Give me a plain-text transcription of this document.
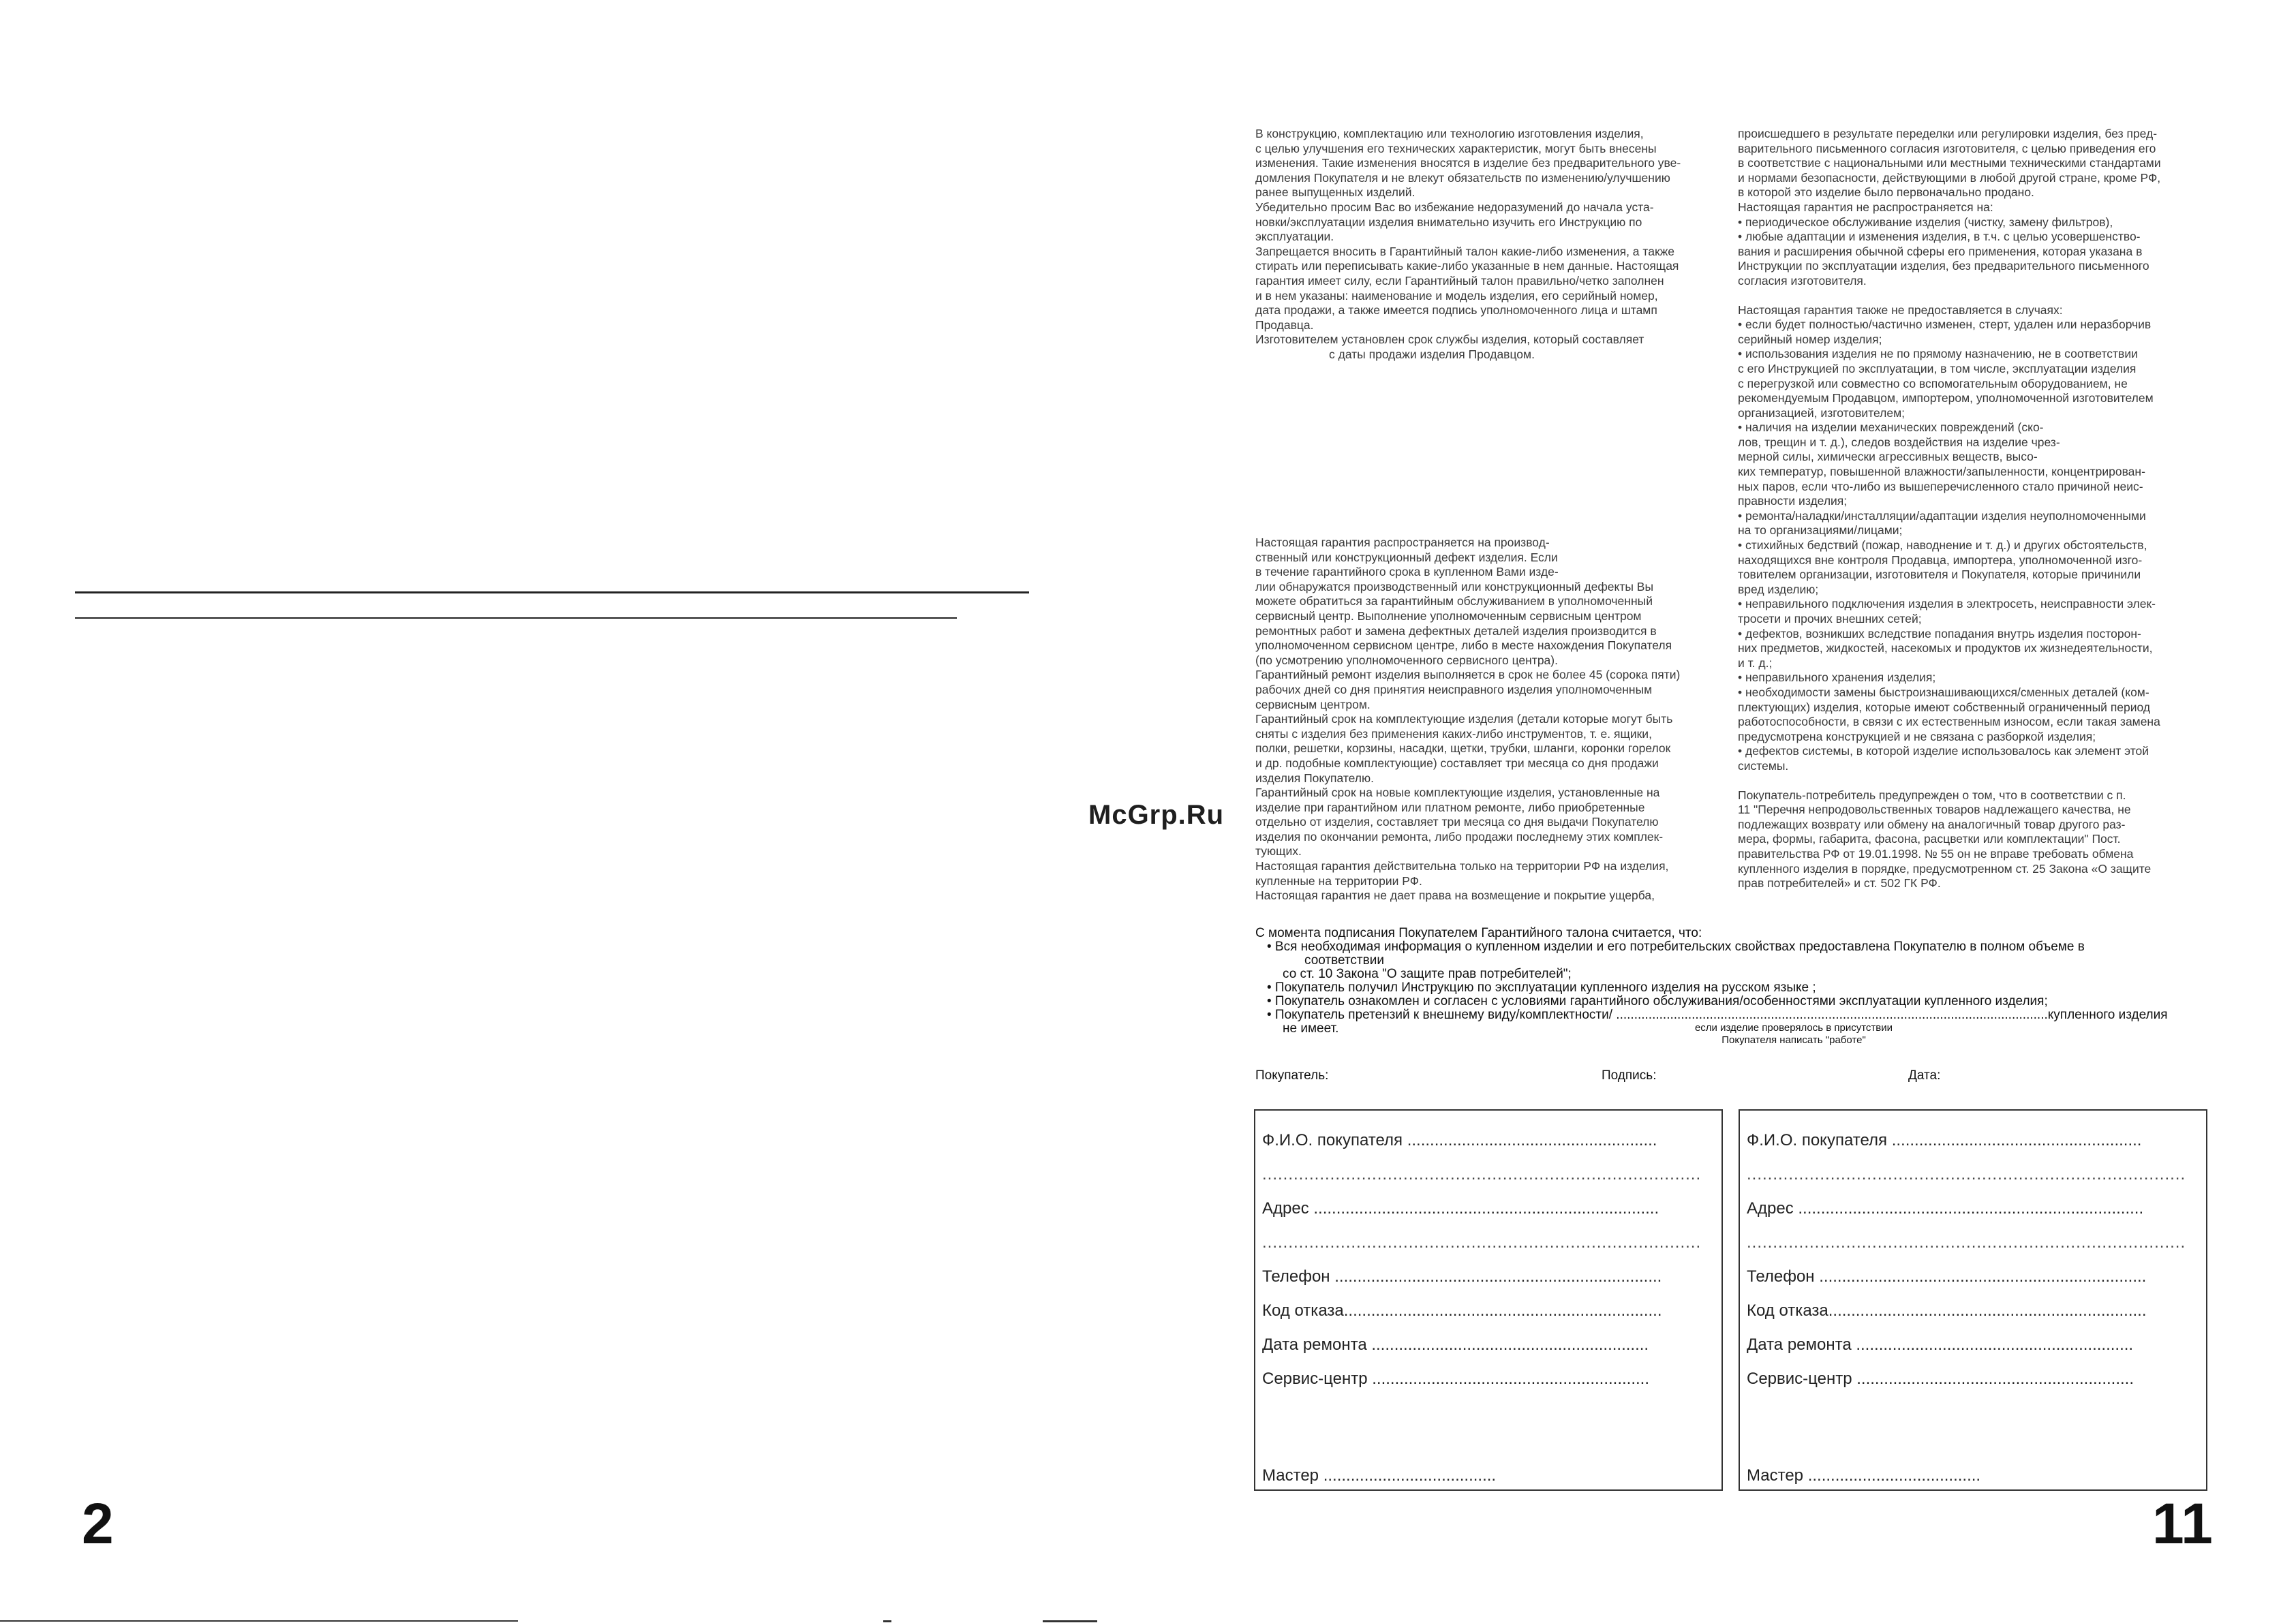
2
McGrp.Ru

В конструкцию, комплектацию или технологию изготовления изделия,

с целью улучшения его технических характеристик, могут быть внесены

изменения. Такие изменения вносятся в изделие без предварительного уве-

домления Покупателя и не влекут обязательств по изменению/улучшению

ранее выпущенных изделий.

Убедительно просим Вас во избежание недоразумений до начала уста-

новки/эксплуатации изделия внимательно изучить его Инструкцию по

эксплуатации.

Запрещается вносить в Гарантийный талон какие-либо изменения, а также

стирать или переписывать какие-либо указанные в нем данные. Настоящая

гарантия имеет силу, если Гарантийный талон правильно/четко заполнен

и в нем указаны: наименование и модель изделия, его серийный номер,

дата продажи, а также имеется подпись уполномоченного лица и штамп

Продавца.

Изготовителем установлен срок службы изделия, который составляет

с даты продажи изделия Продавцом.

Настоящая гарантия распространяется на производ-

ственный или конструкционный дефект изделия. Если

в течение гарантийного срока в купленном Вами изде-

лии обнаружатся производственный или конструкционный дефекты Вы

можете обратиться за гарантийным обслуживанием в уполномоченный

сервисный центр. Выполнение уполномоченным сервисным центром

ремонтных работ и замена дефектных деталей изделия производится в

уполномоченном сервисном центре, либо в месте нахождения Покупателя

(по усмотрению уполномоченного сервисного центра).

Гарантийный ремонт изделия выполняется в срок не более 45 (сорока пяти)

рабочих дней со дня принятия неисправного изделия уполномоченным

сервисным центром.

Гарантийный срок на комплектующие изделия (детали которые могут быть

сняты с изделия без применения каких-либо инструментов, т. е. ящики,

полки, решетки, корзины, насадки, щетки, трубки, шланги, коронки горелок

и др. подобные комплектующие) составляет три месяца со дня продажи

изделия Покупателю.

Гарантийный срок на новые комплектующие изделия, установленные на

изделие при гарантийном или платном ремонте, либо приобретенные

отдельно от изделия, составляет три месяца со дня выдачи Покупателю

изделия по окончании ремонта, либо продажи последнему этих комплек-

тующих.

Настоящая гарантия действительна только на территории РФ на изделия,

купленные на территории РФ.

Настоящая гарантия не дает права на возмещение и покрытие ущерба,

происшедшего в результате переделки или регулировки изделия, без пред-

варительного письменного согласия изготовителя, с целью приведения его

в соответствие с национальными или местными техническими стандартами

и нормами безопасности, действующими в любой другой стране, кроме РФ,

в которой это изделие было первоначально продано.

Настоящая гарантия не распространяется на:

• периодическое обслуживание изделия (чистку, замену фильтров),

• любые адаптации и изменения изделия, в т.ч. с целью усовершенство-

вания и расширения обычной сферы его применения, которая указана в

Инструкции по эксплуатации изделия, без предварительного письменного

согласия изготовителя.

Настоящая гарантия также не предоставляется в случаях:

• если будет полностью/частично изменен, стерт, удален или неразборчив

серийный номер изделия;

• использования изделия не по прямому назначению, не в соответствии

с его Инструкцией по эксплуатации, в том числе, эксплуатации изделия

с перегрузкой или совместно со вспомогательным оборудованием, не

рекомендуемым Продавцом, импортером, уполномоченной изготовителем

организацией, изготовителем;

• наличия на изделии механических повреждений (ско-

лов, трещин и т. д.), следов воздействия на изделие чрез-

мерной силы, химически агрессивных веществ, высо-

ких температур, повышенной влажности/запыленности, концентрирован-

ных паров, если что-либо из вышеперечисленного стало причиной неис-

правности изделия;

• ремонта/наладки/инсталляции/адаптации изделия неуполномоченными

на то организациями/лицами;

• стихийных бедствий (пожар, наводнение и т. д.) и других обстоятельств,

находящихся вне контроля Продавца, импортера, уполномоченной изго-

товителем организации, изготовителя и Покупателя, которые причинили

вред изделию;

• неправильного подключения изделия в электросеть, неисправности элек-

тросети и прочих внешних сетей;

• дефектов, возникших вследствие попадания внутрь изделия посторон-

них предметов, жидкостей, насекомых и продуктов их жизнедеятельности,

и т. д.;

• неправильного хранения изделия;

• необходимости замены быстроизнашивающихся/сменных деталей (ком-

плектующих) изделия, которые имеют собственный ограниченный период

работоспособности, в связи с их естественным износом, если такая замена

предусмотрена конструкцией и не связана с разборкой изделия;

• дефектов системы, в которой изделие использовалось как элемент этой

системы.

Покупатель-потребитель предупрежден о том, что в соответствии с п.

11 "Перечня непродовольственных товаров надлежащего качества, не

подлежащих возврату или обмену на аналогичный товар другого раз-

мера, формы, габарита, фасона, расцветки или комплектации" Пост.

правительства РФ от 19.01.1998. № 55 он не вправе требовать обмена

купленного изделия в порядке, предусмотренном ст. 25 Закона «О защите

прав потребителей» и ст. 502 ГК РФ.

С момента подписания Покупателем Гарантийного талона считается, что:

• Вся необходимая информация о купленном изделии и его потребительских свойствах предоставлена Покупателю в полном объеме в

соответствии

со ст. 10 Закона "О защите прав потребителей";

• Покупатель получил Инструкцию по эксплуатации купленного изделия на русском языке ;

• Покупатель ознакомлен и согласен с условиями гарантийного обслуживания/особенностями эксплуатации купленного изделия;

• Покупатель претензий к внешнему виду/комплектности/ ........................................................................................................................купленного изделия

не имеет.	если изделие проверялось в присутствии

Покупателя написать "работе"

Покупатель:	Подпись:	Дата:
Ф.И.О. покупателя .......................................................
....................................................................................
Адрес ............................................................................
....................................................................................
Телефон ........................................................................
Код отказа......................................................................
Дата ремонта .............................................................
Сервис-центр .............................................................
Мастер ......................................
Ф.И.О. покупателя .......................................................
....................................................................................
Адрес ............................................................................
....................................................................................
Телефон ........................................................................
Код отказа......................................................................
Дата ремонта .............................................................
Сервис-центр .............................................................
Мастер ......................................
11
